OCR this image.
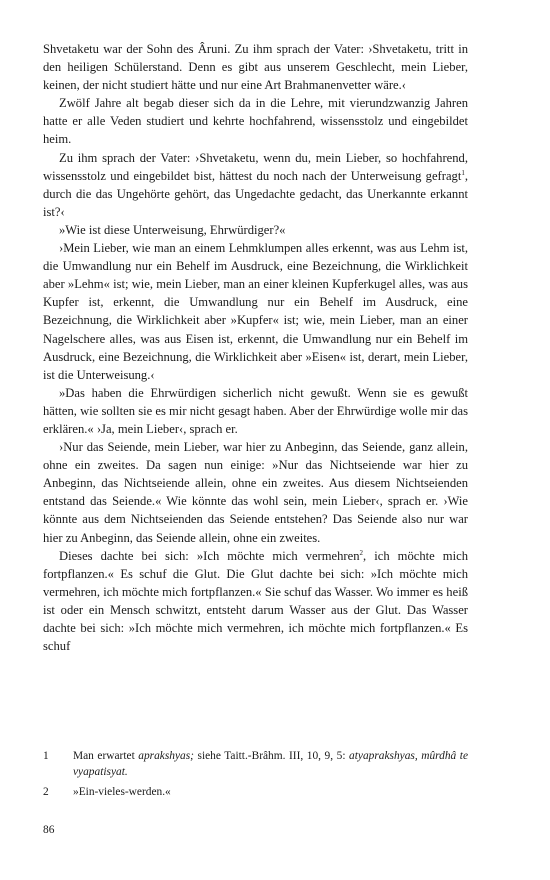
Shvetaketu war der Sohn des Âruni. Zu ihm sprach der Vater: ›Shvetaketu, tritt in den heiligen Schülerstand. Denn es gibt aus unserem Geschlecht, mein Lieber, keinen, der nicht studiert hätte und nur eine Art Brahmanenvetter wäre.‹

Zwölf Jahre alt begab dieser sich da in die Lehre, mit vierundzwanzig Jahren hatte er alle Veden studiert und kehrte hochfahrend, wissensstolz und eingebildet heim.

Zu ihm sprach der Vater: ›Shvetaketu, wenn du, mein Lieber, so hochfahrend, wissensstolz und eingebildet bist, hättest du noch nach der Unterweisung gefragt$^1$, durch die das Ungehörte gehört, das Ungedachte gedacht, das Unerkannte erkannt ist?‹

»Wie ist diese Unterweisung, Ehrwürdiger?«

›Mein Lieber, wie man an einem Lehmklumpen alles erkennt, was aus Lehm ist, die Umwandlung nur ein Behelf im Ausdruck, eine Bezeichnung, die Wirklichkeit aber »Lehm« ist; wie, mein Lieber, man an einer kleinen Kupferkugel alles, was aus Kupfer ist, erkennt, die Umwandlung nur ein Behelf im Ausdruck, eine Bezeichnung, die Wirklichkeit aber »Kupfer« ist; wie, mein Lieber, man an einer Nagelschere alles, was aus Eisen ist, erkennt, die Umwandlung nur ein Behelf im Ausdruck, eine Bezeichnung, die Wirklichkeit aber »Eisen« ist, derart, mein Lieber, ist die Unterweisung.‹

»Das haben die Ehrwürdigen sicherlich nicht gewußt. Wenn sie es gewußt hätten, wie sollten sie es mir nicht gesagt haben. Aber der Ehrwürdige wolle mir das erklären.« ›Ja, mein Lieber‹, sprach er.

›Nur das Seiende, mein Lieber, war hier zu Anbeginn, das Seiende, ganz allein, ohne ein zweites. Da sagen nun einige: »Nur das Nichtseiende war hier zu Anbeginn, das Nichtseiende allein, ohne ein zweites. Aus diesem Nichtseienden entstand das Seiende.« Wie könnte das wohl sein, mein Lieber‹, sprach er. ›Wie könnte aus dem Nichtseienden das Seiende entstehen? Das Seiende also nur war hier zu Anbeginn, das Seiende allein, ohne ein zweites.

Dieses dachte bei sich: »Ich möchte mich vermehren$^2$, ich möchte mich fortpflanzen.« Es schuf die Glut. Die Glut dachte bei sich: »Ich möchte mich vermehren, ich möchte mich fortpflanzen.« Sie schuf das Wasser. Wo immer es heiß ist oder ein Mensch schwitzt, entsteht darum Wasser aus der Glut. Das Wasser dachte bei sich: »Ich möchte mich vermehren, ich möchte mich fortpflanzen.« Es schuf

1	Man erwartet aprakshyas; siehe Taitt.-Brâhm. III, 10, 9, 5: atyaprakshyas, mûrdhâ te vyapatisyat.
2	»Ein-vieles-werden.«
86
